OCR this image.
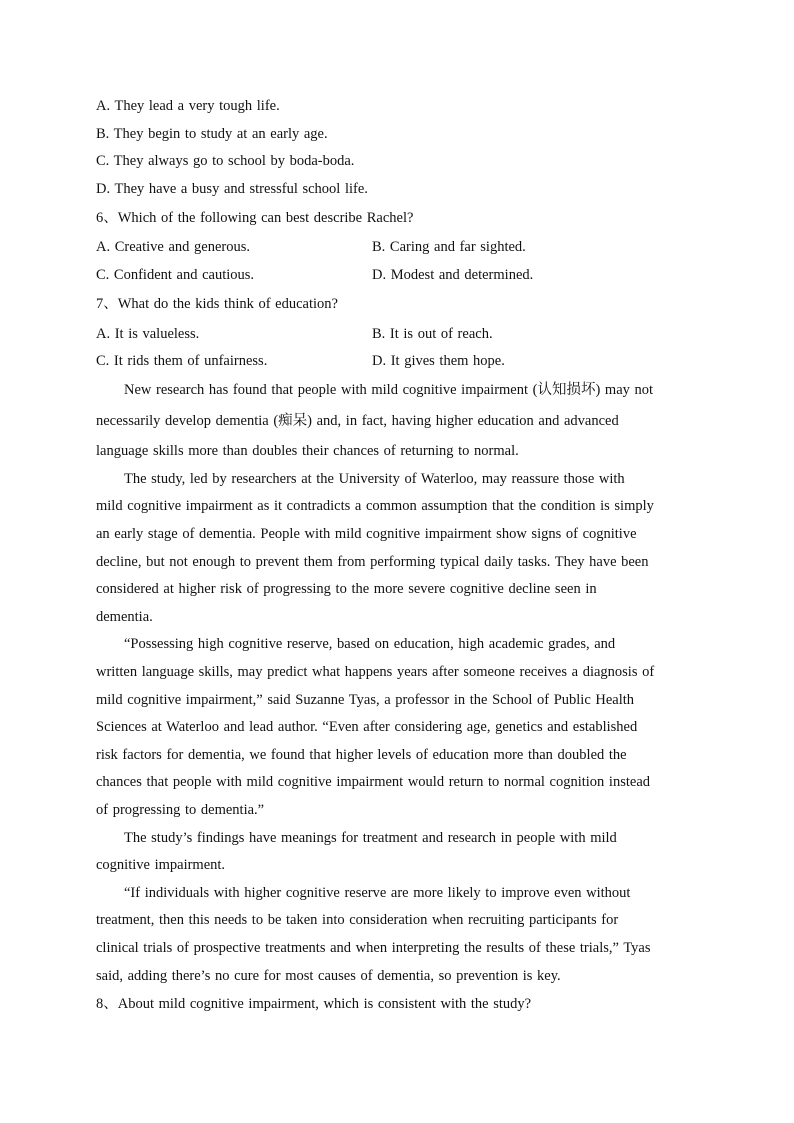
A. They lead a very tough life.
B. They begin to study at an early age.
C. They always go to school by boda-boda.
D. They have a busy and stressful school life.
6、Which of the following can best describe Rachel?
A. Creative and generous.	B. Caring and far sighted.
C. Confident and cautious.	D. Modest and determined.
7、What do the kids think of education?
A. It is valueless.	B. It is out of reach.
C. It rids them of unfairness.	D. It gives them hope.
New research has found that people with mild cognitive impairment (认知损坏) may not
necessarily develop dementia (痴呆) and, in fact, having higher education and advanced
language skills more than doubles their chances of returning to normal.
The study, led by researchers at the University of Waterloo, may reassure those with
mild cognitive impairment as it contradicts a common assumption that the condition is simply
an early stage of dementia. People with mild cognitive impairment show signs of cognitive
decline, but not enough to prevent them from performing typical daily tasks. They have been
considered at higher risk of progressing to the more severe cognitive decline seen in
dementia.
“Possessing high cognitive reserve, based on education, high academic grades, and
written language skills, may predict what happens years after someone receives a diagnosis of
mild cognitive impairment,” said Suzanne Tyas, a professor in the School of Public Health
Sciences at Waterloo and lead author. “Even after considering age, genetics and established
risk factors for dementia, we found that higher levels of education more than doubled the
chances that people with mild cognitive impairment would return to normal cognition instead
of progressing to dementia.”
The study’s findings have meanings for treatment and research in people with mild
cognitive impairment.
“If individuals with higher cognitive reserve are more likely to improve even without
treatment, then this needs to be taken into consideration when recruiting participants for
clinical trials of prospective treatments and when interpreting the results of these trials,” Tyas
said, adding there’s no cure for most causes of dementia, so prevention is key.
8、About mild cognitive impairment, which is consistent with the study?
